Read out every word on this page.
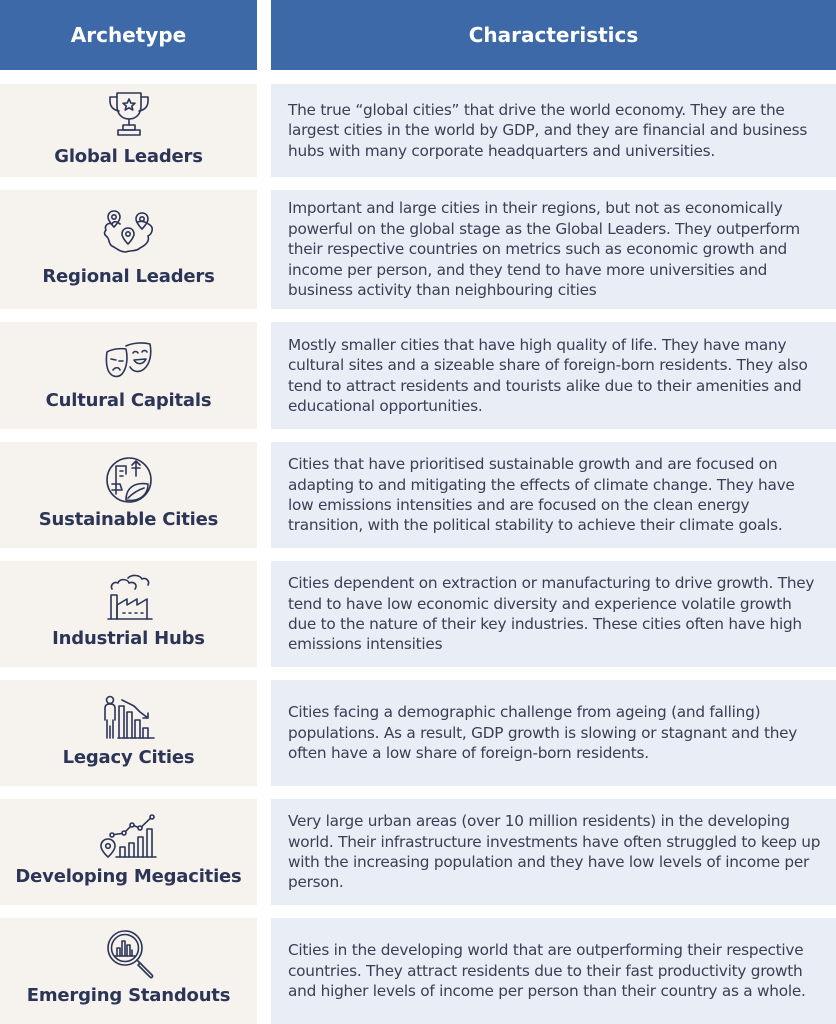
Archetype	Characteristics
Global Leaders
The true “global cities” that drive the world economy. They are the largest cities in the world by GDP, and they are financial and business hubs with many corporate headquarters and universities.
Regional Leaders
Important and large cities in their regions, but not as economically powerful on the global stage as the Global Leaders. They outperform their respective countries on metrics such as economic growth and income per person, and they tend to have more universities and business activity than neighbouring cities
Cultural Capitals
Mostly smaller cities that have high quality of life. They have many cultural sites and a sizeable share of foreign-born residents. They also tend to attract residents and tourists alike due to their amenities and educational opportunities.
Sustainable Cities
Cities that have prioritised sustainable growth and are focused on adapting to and mitigating the effects of climate change. They have low emissions intensities and are focused on the clean energy transition, with the political stability to achieve their climate goals.
Industrial Hubs
Cities dependent on extraction or manufacturing to drive growth. They tend to have low economic diversity and experience volatile growth due to the nature of their key industries. These cities often have high emissions intensities
Legacy Cities
Cities facing a demographic challenge from ageing (and falling) populations. As a result, GDP growth is slowing or stagnant and they often have a low share of foreign-born residents.
Developing Megacities
Very large urban areas (over 10 million residents) in the developing world. Their infrastructure investments have often struggled to keep up with the increasing population and they have low levels of income per person.
Emerging Standouts
Cities in the developing world that are outperforming their respective countries. They attract residents due to their fast productivity growth and higher levels of income per person than their country as a whole.
